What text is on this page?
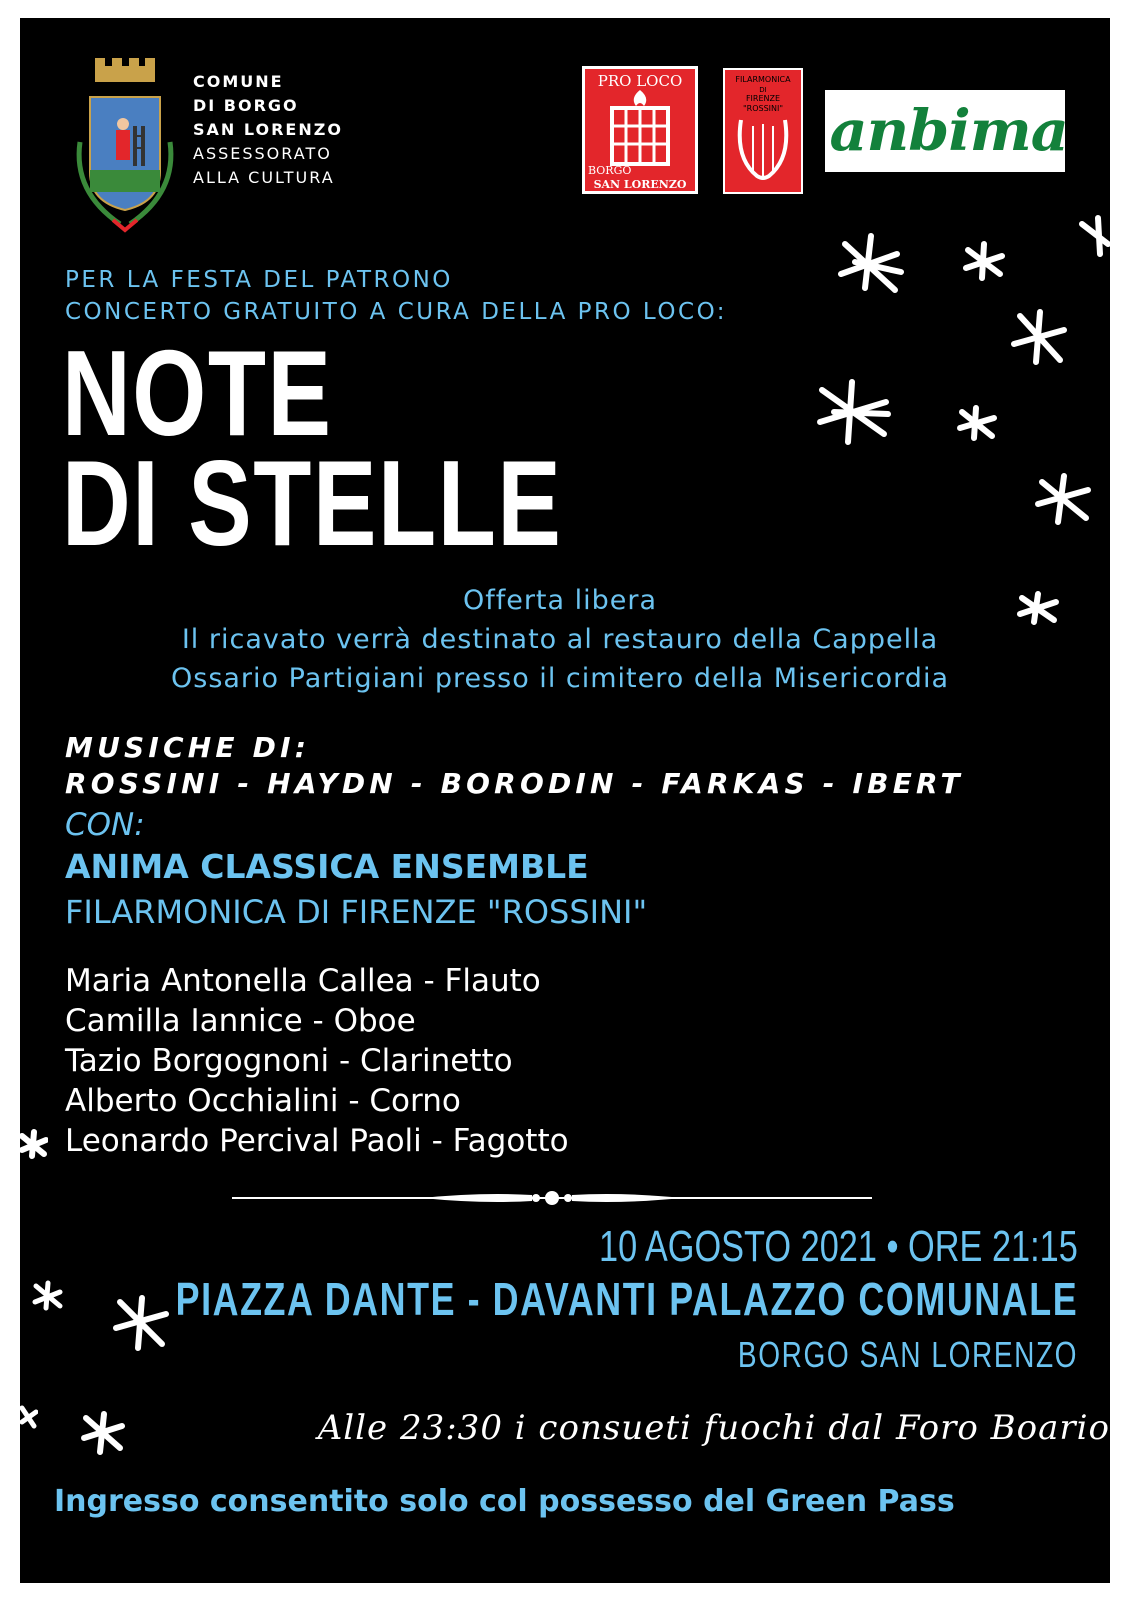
COMUNE
DI BORGO
SAN LORENZO
ASSESSORATO
ALLA CULTURA
PRO LOCO
BORGO
SAN LORENZO
FILARMONICA
DI
FIRENZE
"ROSSINI" anbima
PER LA FESTA DEL PATRONO
CONCERTO GRATUITO A CURA DELLA PRO LOCO:
NOTE
DI STELLE
Offerta libera
Il ricavato verrà destinato al restauro della Cappella
Ossario Partigiani presso il cimitero della Misericordia
MUSICHE DI:
ROSSINI - HAYDN - BORODIN - FARKAS - IBERT
CON:
ANIMA CLASSICA ENSEMBLE
FILARMONICA DI FIRENZE "ROSSINI"
Maria Antonella Callea - Flauto
Camilla Iannice - Oboe
Tazio Borgognoni - Clarinetto
Alberto Occhialini - Corno
Leonardo Percival Paoli - Fagotto
10 AGOSTO 2021 • ORE 21:15
PIAZZA DANTE - DAVANTI PALAZZO COMUNALE
BORGO SAN LORENZO
Alle 23:30 i consueti fuochi dal Foro Boario
Ingresso consentito solo col possesso del Green Pass
